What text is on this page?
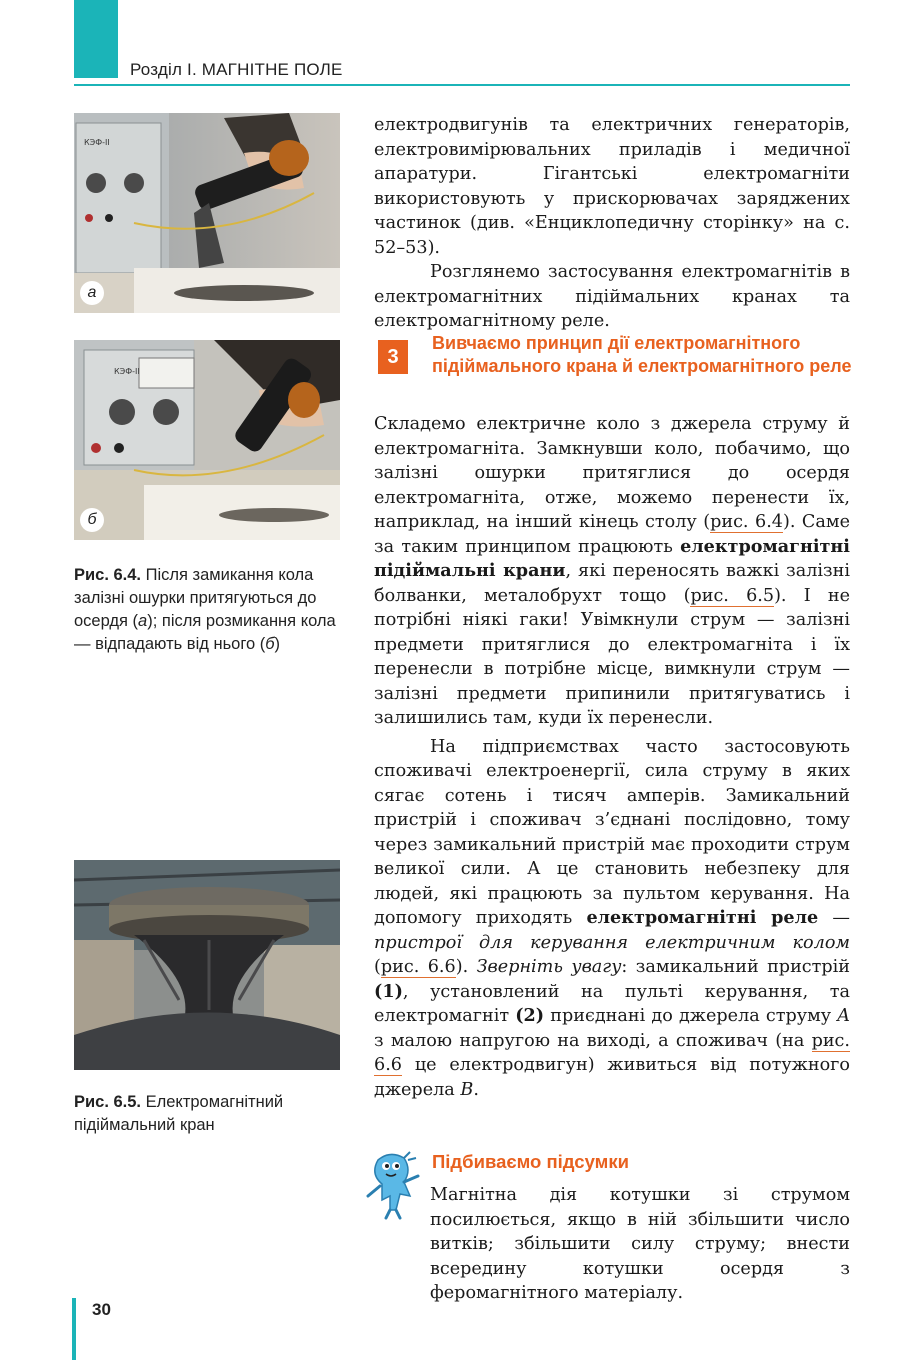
Розділ I. МАГНІТНЕ ПОЛЕ
КЭФ-II
а
КЭФ-II
б
Рис. 6.4. Після замикання кола залізні ошурки притягуються до осердя (а); після розмикання кола — відпадають від нього (б)
Рис. 6.5. Електромагнітний підіймальний кран

електродвигунів та електричних генераторів, електровимірювальних приладів і медичної апаратури. Гігантські електромагніти використовують у прискорювачах заряджених частинок (див. «Енциклопедичну сторінку» на с. 52–53).

Розглянемо застосування електромагнітів в електромагнітних підіймальних кранах та електромагнітному реле.

3
Вивчаємо принцип дії електромагнітного підіймального крана й електромагнітного реле

Складемо електричне коло з джерела струму й електромагніта. Замкнувши коло, побачимо, що залізні ошурки притяглися до осердя електромагніта, отже, можемо перенести їх, наприклад, на інший кінець столу (рис. 6.4). Саме за таким принципом працюють електромагнітні підіймальні крани, які переносять важкі залізні болванки, металобрухт тощо (рис. 6.5). І не потрібні ніякі гаки! Увімкнули струм — залізні предмети притяглися до електромагніта і їх перенесли в потрібне місце, вимкнули струм — залізні предмети припинили притягуватись і залишились там, куди їх перенесли.

На підприємствах часто застосовують споживачі електроенергії, сила струму в яких сягає сотень і тисяч амперів. Замикальний пристрій і споживач з’єднані послідовно, тому через замикальний пристрій має проходити струм великої сили. А це становить небезпеку для людей, які працюють за пультом керування. На допомогу приходять електромагнітні реле — пристрої для керування електричним колом (рис. 6.6). Зверніть увагу: замикальний пристрій (1), установлений на пульті керування, та електромагніт (2) приєднані до джерела струму A з малою напругою на виході, а споживач (на рис. 6.6 це електродвигун) живиться від потужного джерела B.

Підбиваємо підсумки

Магнітна дія котушки зі струмом посилюється, якщо в ній збільшити число витків; збільшити силу струму; внести всередину котушки осердя з феромагнітного матеріалу.

30
